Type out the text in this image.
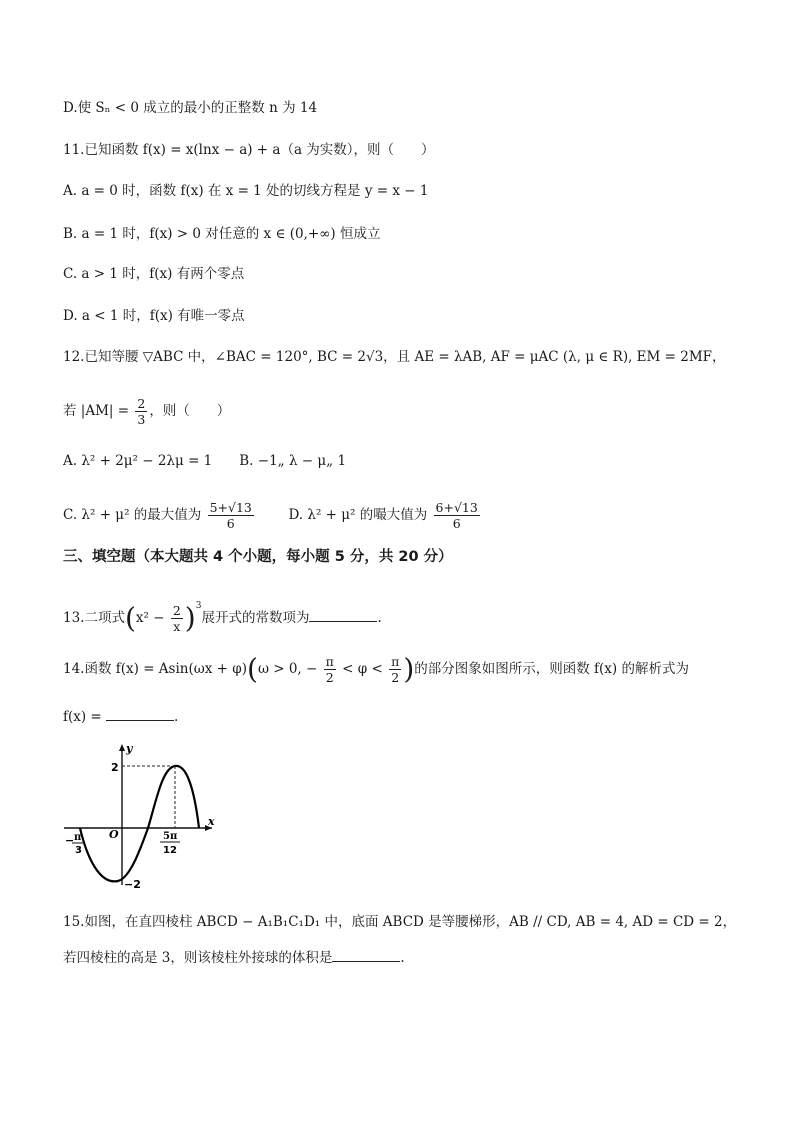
D.使 Sₙ < 0 成立的最小的正整数 n 为 14
11.已知函数 f(x) = x(lnx − a) + a（a 为实数），则（　　）
A. a = 0 时，函数 f(x) 在 x = 1 处的切线方程是 y = x − 1
B. a = 1 时，f(x) > 0 对任意的 x ∈ (0,+∞) 恒成立
C. a > 1 时，f(x) 有两个零点
D. a < 1 时，f(x) 有唯一零点
12.已知等腰 ▽ABC 中，∠BAC = 120°, BC = 2√3，且 AE = λAB, AF = μAC (λ, μ ∈ R), EM = 2MF，
若 $|AM| = \frac{2}{3}$ ，则（　　）
A. λ² + 2μ² − 2λμ = 1　　B. −1„ λ − μ„ 1
C. λ² + μ² 的最大值为 $\frac{5+√13}{6}$	D. λ² + μ² 的嘬大值为 $\frac{6+√13}{6}$
三、填空题（本大题共 4 个小题，每小题 5 分，共 20 分）
13.二项式$(x^2 - \frac{2}{x} )^3$展开式的常数项为	.
14.函数 f(x) = Asin(ωx + φ)(ω > 0, − $\frac{\pi}{2} < \varphi < \frac{\pi}{2}$ )的部分图象如图所示，则函数 f(x) 的解析式为
f(x) =	.
y
x
O
2
−2
− π
3
5π
12
15.如图，在直四棱柱 ABCD − A₁B₁C₁D₁ 中，底面 ABCD 是等腰梯形，AB // CD, AB = 4, AD = CD = 2，
若四棱柱的高是 3，则该棱柱外接球的体积是	.
